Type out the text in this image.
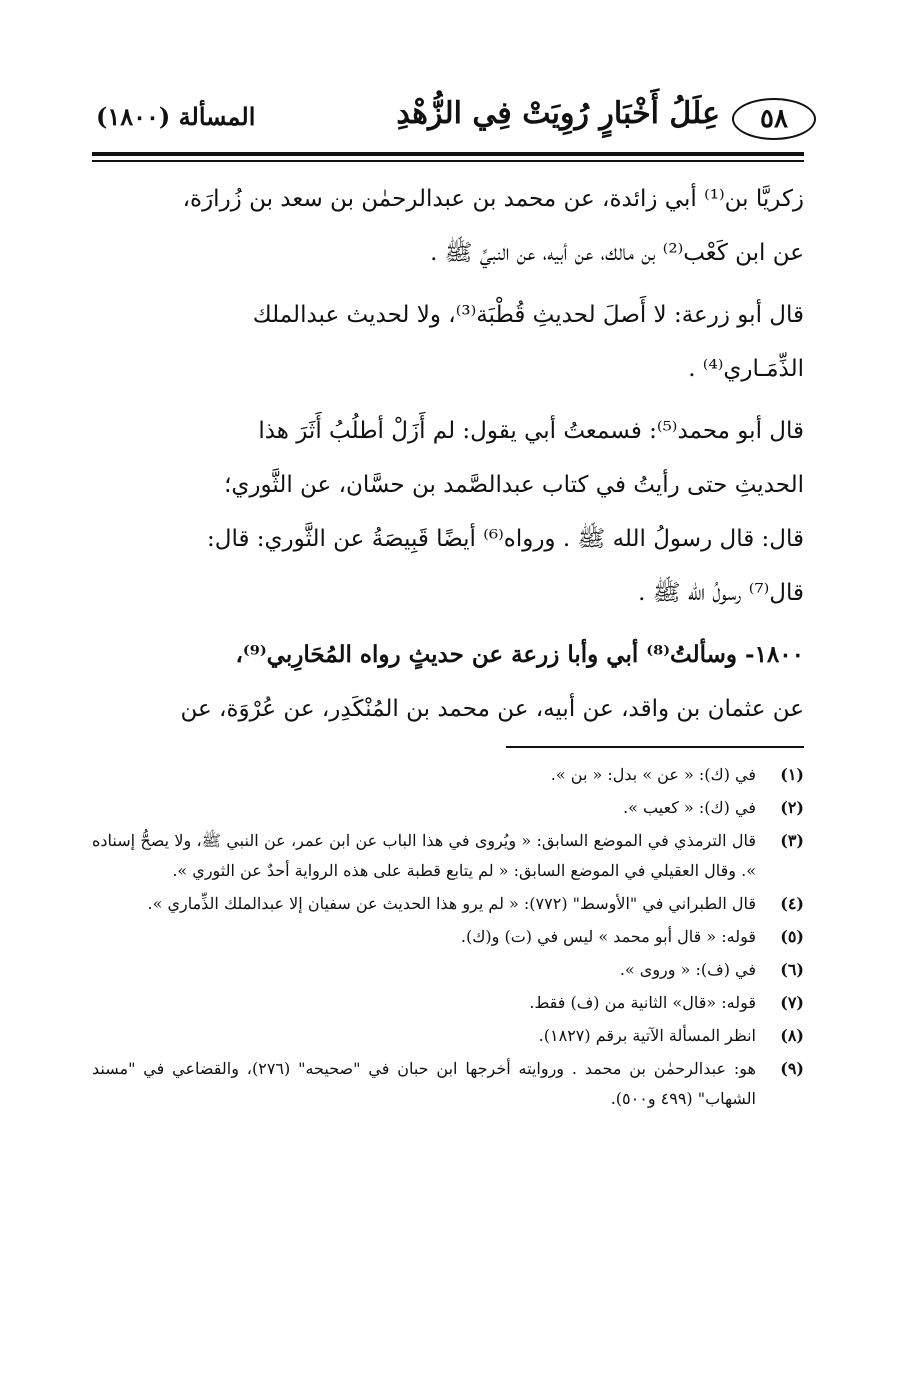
٥٨
عِلَلُ أَخْبَارٍ رُوِيَتْ فِي الزُّهْدِ
المسألة (١٨٠٠)

زكريَّا بن⁽¹⁾ أبي زائدة، عن محمد بن عبدالرحمٰن بن سعد بن زُرارَة،

عن ابن كَعْب⁽²⁾ بن مالك، عن أبيه، عن النبيِّ ﷺ .

قال أبو زرعة: لا أَصلَ لحديثِ قُطْبَة⁽³⁾، ولا لحديث عبدالملك

الذِّمَـاري⁽⁴⁾ .

قال أبو محمد⁽⁵⁾: فسمعتُ أبي يقول: لم أَزَلْ أطلُبُ أَثَرَ هذا

الحديثِ حتى رأيتُ في كتاب عبدالصَّمد بن حسَّان، عن الثَّوري؛

قال: قال رسولُ الله ﷺ . ورواه⁽⁶⁾ أيضًا قَبِيصَةُ عن الثَّوري: قال:

قال⁽⁷⁾ رسولُ الله ﷺ .

١٨٠٠- وسألتُ⁽⁸⁾ أبي وأبا زرعة عن حديثٍ رواه المُحَارِبي⁽⁹⁾،

عن عثمان بن واقد، عن أبيه، عن محمد بن المُنْكَدِر، عن عُرْوَة، عن

(١)
في (ك): « عن » بدل: « بن ».
(٢)
في (ك): « كعيب ».
(٣)
قال الترمذي في الموضع السابق: « ويُروى في هذا الباب عن ابن عمر، عن النبي ﷺ، ولا يصحُّ إسناده ». وقال العقيلي في الموضع السابق: « لم يتابع قطبة على هذه الرواية أحدٌ عن الثوري ».
(٤)
قال الطبراني في "الأوسط" (٧٧٢): « لم يرو هذا الحديث عن سفيان إلا عبدالملك الذِّماري ».
(٥)
قوله: « قال أبو محمد » ليس في (ت) و(ك).
(٦)
في (ف): « وروى ».
(٧)
قوله: «قال» الثانية من (ف) فقط.
(٨)
انظر المسألة الآتية برقم (١٨٢٧).
(٩)
هو: عبدالرحمٰن بن محمد . وروايته أخرجها ابن حبان في "صحيحه" (٢٧٦)، والقضاعي في "مسند الشهاب" (٤٩٩ و٥٠٠).
